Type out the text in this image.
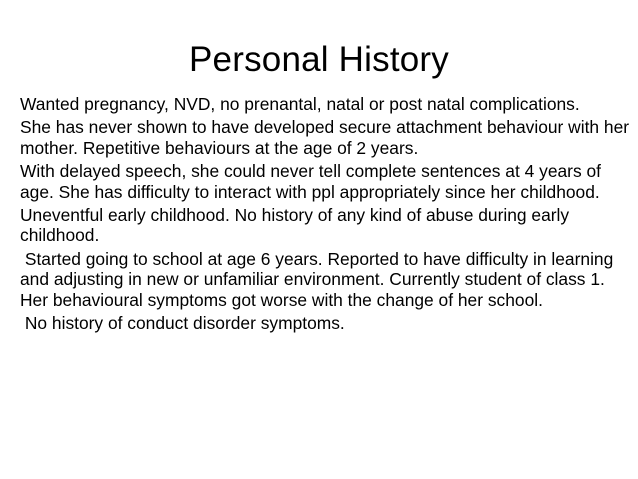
Personal History

Wanted pregnancy, NVD, no prenantal, natal or post natal complications.

She has never shown to have developed secure attachment behaviour with her mother. Repetitive behaviours at the age of 2 years.

With delayed speech, she could never tell complete sentences at 4 years of age. She has difficulty to interact with ppl appropriately since her childhood.

Uneventful early childhood. No history of any kind of abuse during early childhood.

Started going to school at age 6 years. Reported to have difficulty in learning and adjusting in new or unfamiliar environment. Currently student of class 1. Her behavioural symptoms got worse with the change of her school.

No history of conduct disorder symptoms.
